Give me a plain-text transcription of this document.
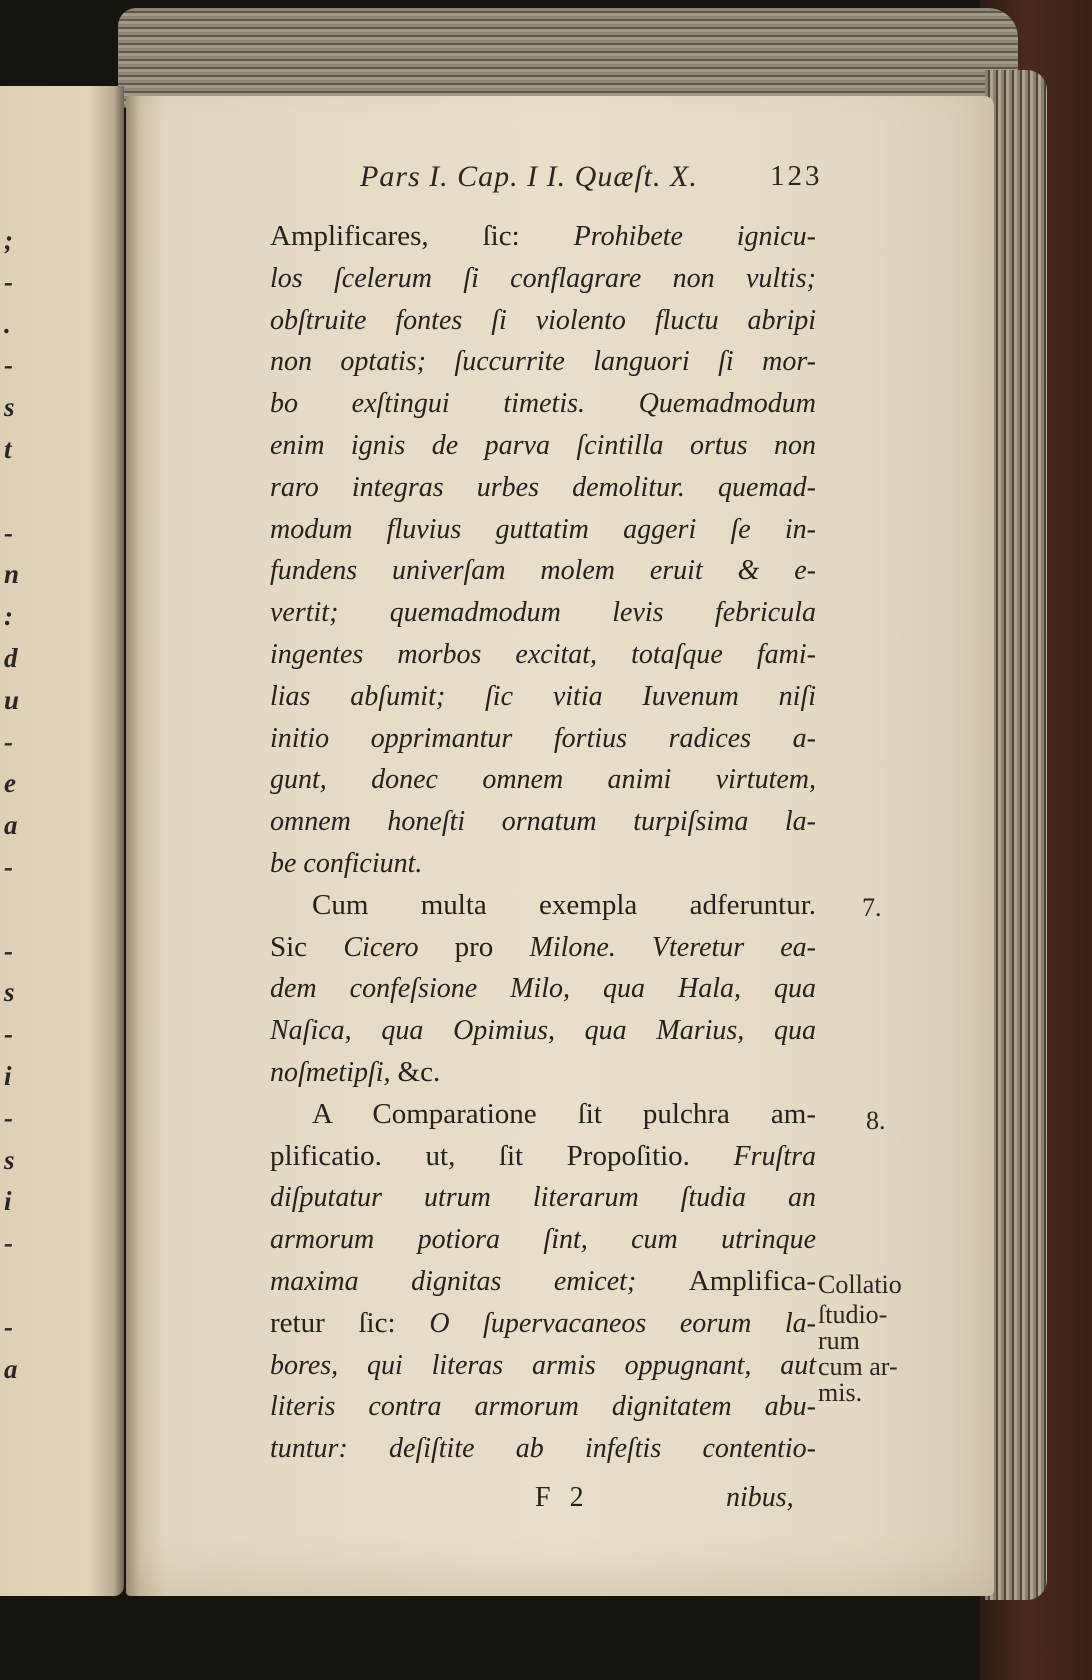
;
-
.
-
s
t
-
n
:
d
u
-
e
a
-
-
s
-
i
-
s
i
-
-
a
Pars I. Cap. I I. Quæſt. X. 123
Amplificares, ſic: Prohibete ignicu-
los ſcelerum ſi conflagrare non vultis;
obſtruite fontes ſi violento fluctu abripi
non optatis; ſuccurrite languori ſi mor-
bo exſtingui timetis. Quemadmodum
enim ignis de parva ſcintilla ortus non
raro integras urbes demolitur. quemad-
modum fluvius guttatim aggeri ſe in-
fundens univerſam molem eruit & e-
vertit; quemadmodum levis febricula
ingentes morbos excitat, totaſque fami-
lias abſumit; ſic vitia Iuvenum niſi
initio opprimantur fortius radices a-
gunt, donec omnem animi virtutem,
omnem honeſti ornatum turpiſsima la-
be conficiunt.
Cum multa exempla adferuntur.
Sic Cicero pro Milone. Vteretur ea-
dem confeſsione Milo, qua Hala, qua
Naſica, qua Opimius, qua Marius, qua
noſmetipſi, &c.
A Comparatione ſit pulchra am-
plificatio. ut, ſit Propoſitio. Fruſtra
diſputatur utrum literarum ſtudia an
armorum potiora ſint, cum utrinque
maxima dignitas emicet; Amplifica-
retur ſic: O ſupervacaneos eorum la-
bores, qui literas armis oppugnant, aut
literis contra armorum dignitatem abu-
tuntur: deſiſtite ab infeſtis contentio-
7.
8.
Collatio
ſtudio-
rum
cum ar-
mis.
F 2	nibus,
